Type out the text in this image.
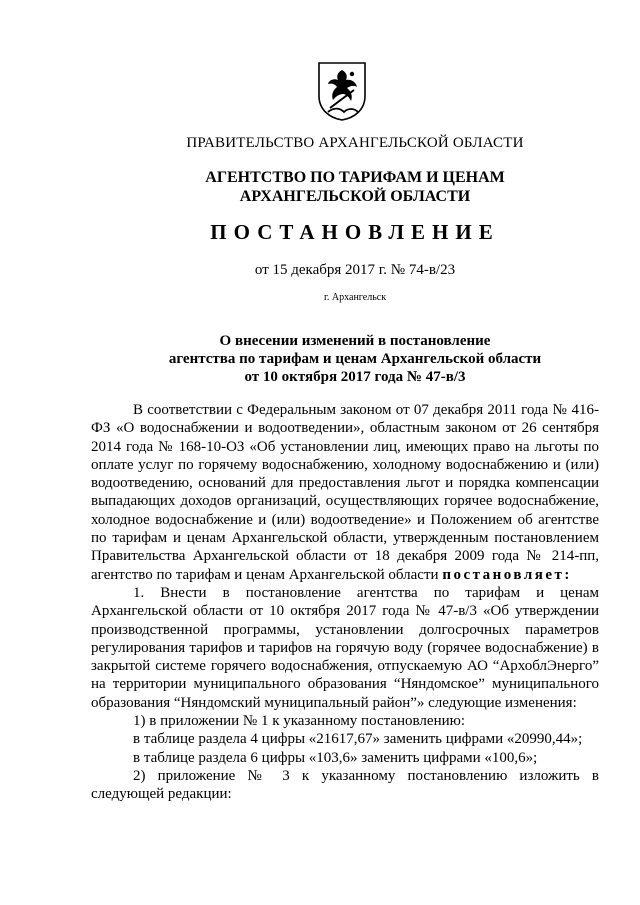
ПРАВИТЕЛЬСТВО АРХАНГЕЛЬСКОЙ ОБЛАСТИ
АГЕНТСТВО ПО ТАРИФАМ И ЦЕНАМ
АРХАНГЕЛЬСКОЙ ОБЛАСТИ
ПОСТАНОВЛЕНИЕ
от 15 декабря 2017 г. № 74-в/23
г. Архангельск
О внесении изменений в постановление
агентства по тарифам и ценам Архангельской области
от 10 октября 2017 года № 47-в/3

В соответствии с Федеральным законом от 07 декабря 2011 года № 416-ФЗ «О водоснабжении и водоотведении», областным законом от 26 сентября 2014 года № 168-10-ОЗ «Об установлении лиц, имеющих право на льготы по оплате услуг по горячему водоснабжению, холодному водоснабжению и (или) водоотведению, оснований для предоставления льгот и порядка компенсации выпадающих доходов организаций, осуществляющих горячее водоснабжение, холодное водоснабжение и (или) водоотведение» и Положением об агентстве по тарифам и ценам Архангельской области, утвержденным постановлением Правительства Архангельской области от 18 декабря 2009 года № 214-пп, агентство по тарифам и ценам Архангельской области постановляет:

1. Внести в постановление агентства по тарифам и ценам Архангельской области от 10 октября 2017 года № 47-в/3 «Об утверждении производственной программы, установлении долгосрочных параметров регулирования тарифов и тарифов на горячую воду (горячее водоснабжение) в закрытой системе горячего водоснабжения, отпускаемую АО “АрхоблЭнерго” на территории муниципального образования “Няндомское” муниципального образования “Няндомский муниципальный район”» следующие изменения:

1) в приложении № 1 к указанному постановлению:

в таблице раздела 4 цифры «21617,67» заменить цифрами «20990,44»;

в таблице раздела 6 цифры «103,6» заменить цифрами «100,6»;

2) приложение № 3 к указанному постановлению изложить в следующей редакции:
